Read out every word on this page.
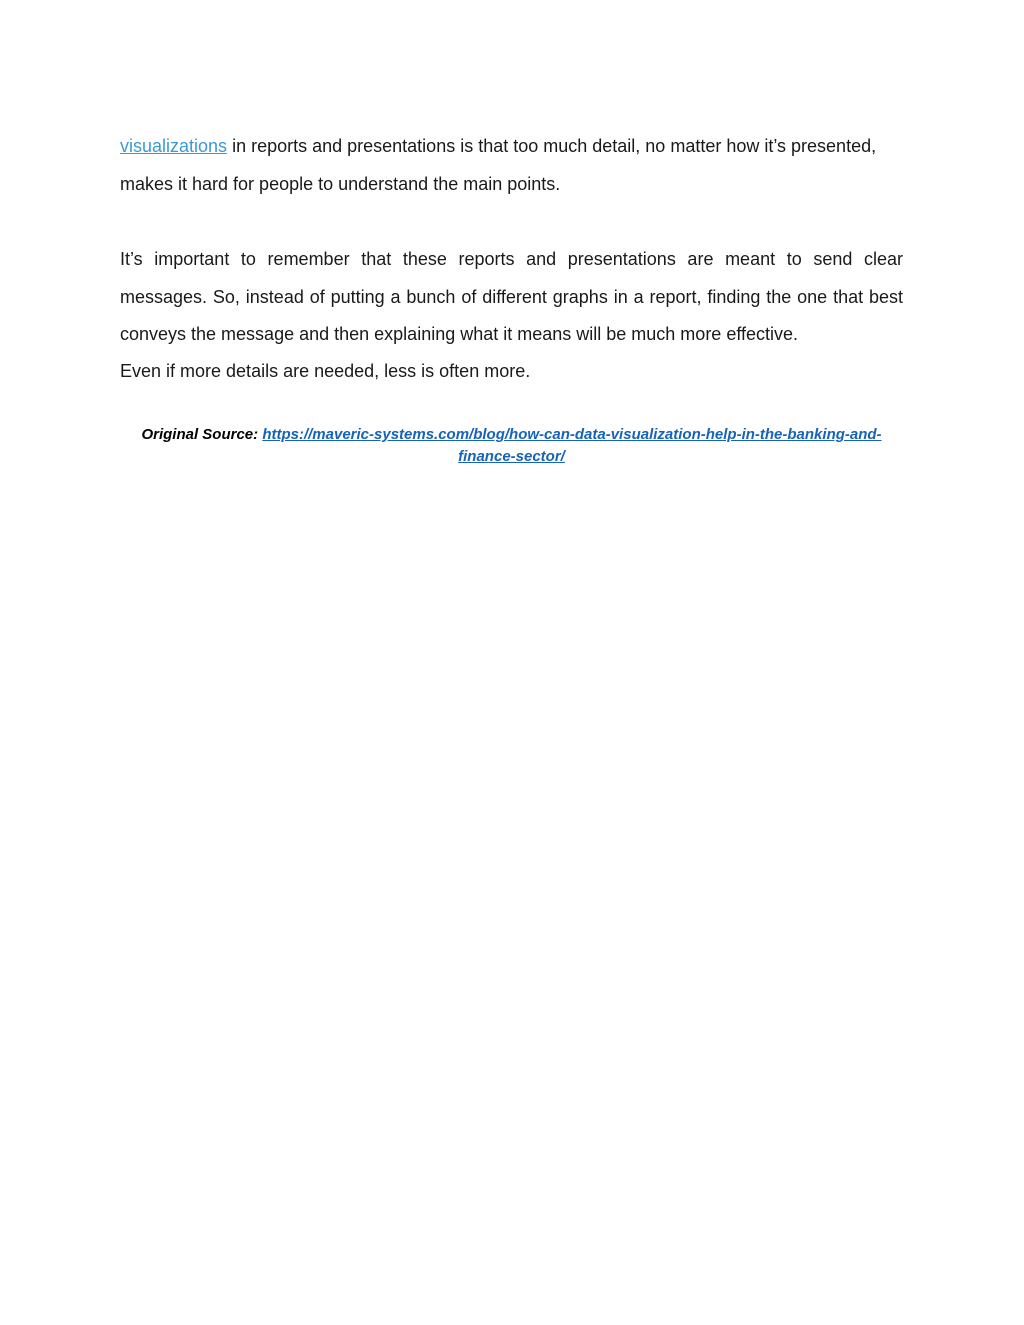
visualizations in reports and presentations is that too much detail, no matter how it’s presented, makes it hard for people to understand the main points.

It’s important to remember that these reports and presentations are meant to send clear messages. So, instead of putting a bunch of different graphs in a report, finding the one that best conveys the message and then explaining what it means will be much more effective.

Even if more details are needed, less is often more.

Original Source: https://maveric-systems.com/blog/how-can-data-visualization-help-in-the-banking-and-finance-sector/
